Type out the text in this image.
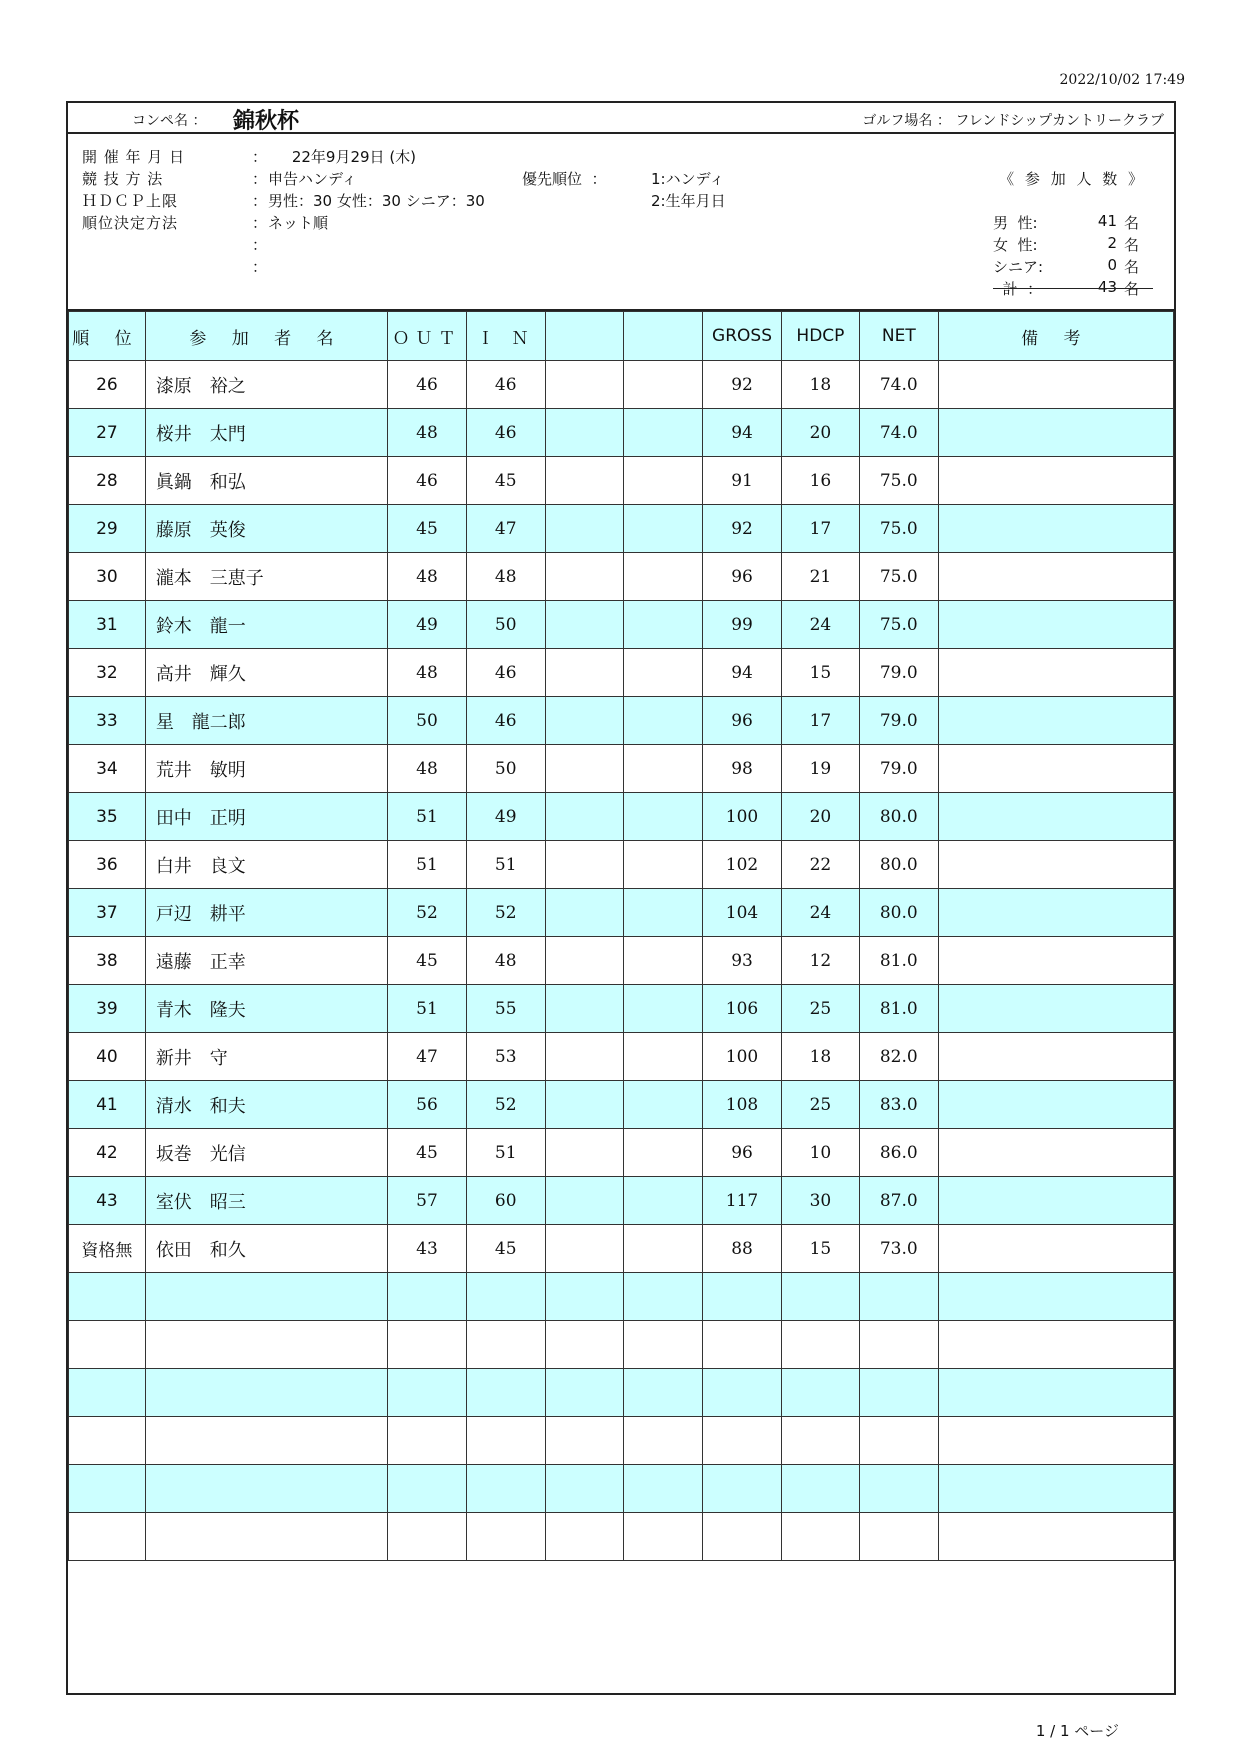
2022/10/02 17:49
コンペ名 ： 錦秋杯	ゴルフ場名 ： フレンドシップカントリークラブ
開 催 年 月 日	： 22年9月29日 (木)
競 技 方 法	： 申告ハンディ
ＨＤＣＰ上限	： 男性：30 女性：30 シニア：30
順位決定方法	： ネット順
：
：
優先順位  ：	1:ハンディ
2:生年月日
《 参 加 人 数 》
男  性:	41 名
女  性:	2 名
シニア:	0 名
計  ：	43 名
順 位	参 加 者 名	ＯＵＴ	Ｉ Ｎ			GROSS	HDCP	NET	備 考
26	漆原　裕之	46	46			92	18	74.0	
27	桜井　太門	48	46			94	20	74.0	
28	眞鍋　和弘	46	45			91	16	75.0	
29	藤原　英俊	45	47			92	17	75.0	
30	瀧本　三恵子	48	48			96	21	75.0	
31	鈴木　龍一	49	50			99	24	75.0	
32	高井　輝久	48	46			94	15	79.0	
33	星　龍二郎	50	46			96	17	79.0	
34	荒井　敏明	48	50			98	19	79.0	
35	田中　正明	51	49			100	20	80.0	
36	白井　良文	51	51			102	22	80.0	
37	戸辺　耕平	52	52			104	24	80.0	
38	遠藤　正幸	45	48			93	12	81.0	
39	青木　隆夫	51	55			106	25	81.0	
40	新井　守	47	53			100	18	82.0	
41	清水　和夫	56	52			108	25	83.0	
42	坂巻　光信	45	51			96	10	86.0	
43	室伏　昭三	57	60			117	30	87.0	
資格無	依田　和久	43	45			88	15	73.0	

1 / 1 ページ
